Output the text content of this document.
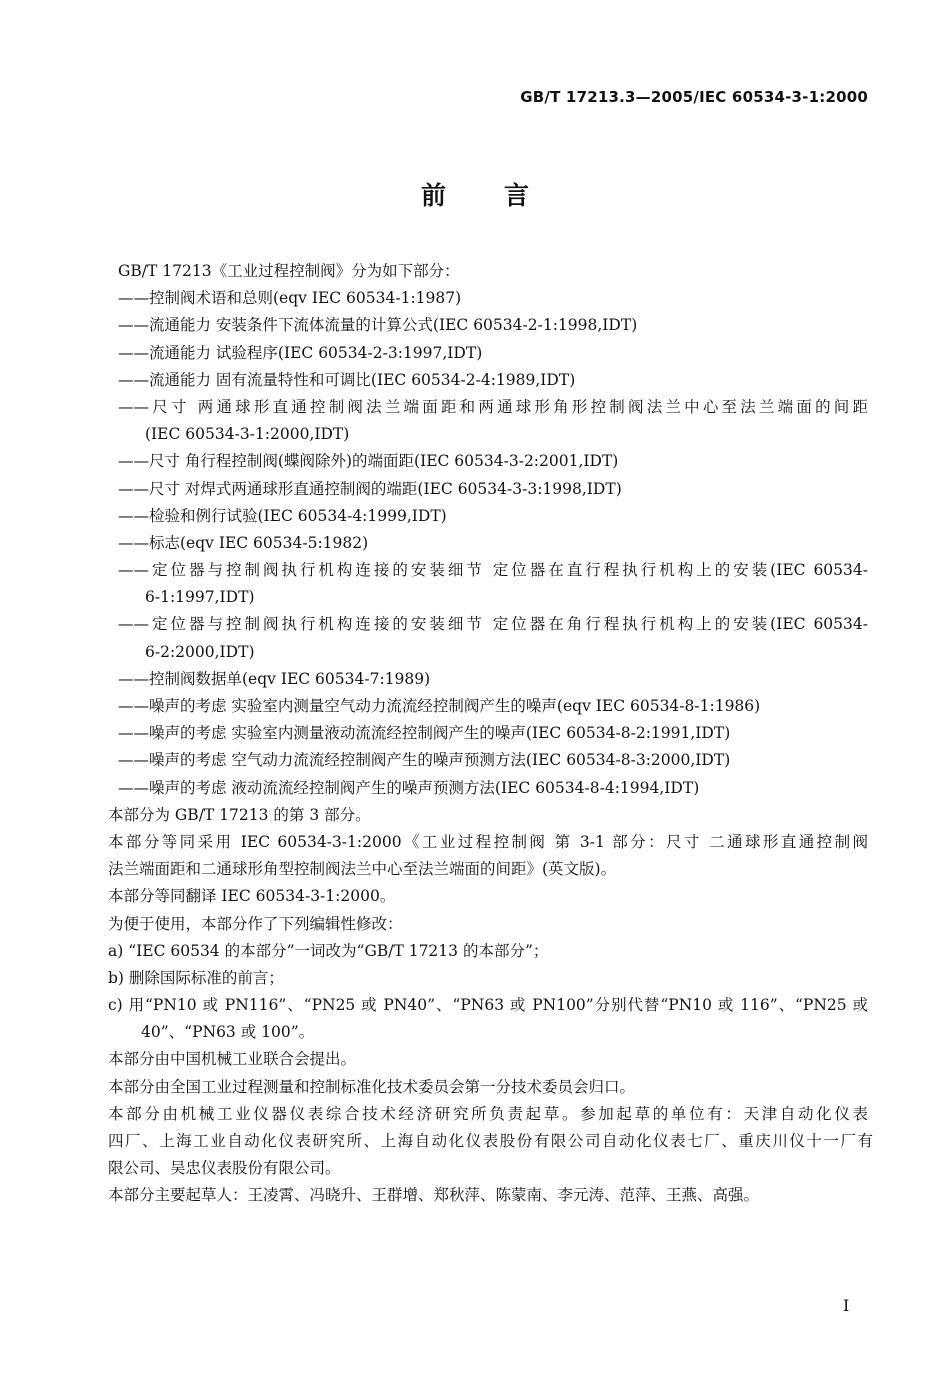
GB/T 17213.3—2005/IEC 60534-3-1:2000
前言
GB/T 17213《工业过程控制阀》分为如下部分：
——控制阀术语和总则(eqv IEC 60534-1:1987)
——流通能力 安装条件下流体流量的计算公式(IEC 60534-2-1:1998,IDT)
——流通能力 试验程序(IEC 60534-2-3:1997,IDT)
——流通能力 固有流量特性和可调比(IEC 60534-2-4:1989,IDT)
——尺寸 两通球形直通控制阀法兰端面距和两通球形角形控制阀法兰中心至法兰端面的间距
(IEC 60534-3-1:2000,IDT)
——尺寸 角行程控制阀(蝶阀除外)的端面距(IEC 60534-3-2:2001,IDT)
——尺寸 对焊式两通球形直通控制阀的端距(IEC 60534-3-3:1998,IDT)
——检验和例行试验(IEC 60534-4:1999,IDT)
——标志(eqv IEC 60534-5:1982)
——定位器与控制阀执行机构连接的安装细节 定位器在直行程执行机构上的安装(IEC 60534-
6-1:1997,IDT)
——定位器与控制阀执行机构连接的安装细节 定位器在角行程执行机构上的安装(IEC 60534-
6-2:2000,IDT)
——控制阀数据单(eqv IEC 60534-7:1989)
——噪声的考虑 实验室内测量空气动力流流经控制阀产生的噪声(eqv IEC 60534-8-1:1986)
——噪声的考虑 实验室内测量液动流流经控制阀产生的噪声(IEC 60534-8-2:1991,IDT)
——噪声的考虑 空气动力流流经控制阀产生的噪声预测方法(IEC 60534-8-3:2000,IDT)
——噪声的考虑 液动流流经控制阀产生的噪声预测方法(IEC 60534-8-4:1994,IDT)
本部分为 GB/T 17213 的第 3 部分。
本部分等同采用 IEC 60534-3-1:2000《工业过程控制阀 第 3-1 部分：尺寸 二通球形直通控制阀
法兰端面距和二通球形角型控制阀法兰中心至法兰端面的间距》(英文版)。
本部分等同翻译 IEC 60534-3-1:2000。
为便于使用，本部分作了下列编辑性修改：
a) “IEC 60534 的本部分”一词改为“GB/T 17213 的本部分”；
b) 删除国际标准的前言；
c) 用“PN10 或 PN116”、“PN25 或 PN40”、“PN63 或 PN100”分别代替“PN10 或 116”、“PN25 或
40”、“PN63 或 100”。
本部分由中国机械工业联合会提出。
本部分由全国工业过程测量和控制标准化技术委员会第一分技术委员会归口。
本部分由机械工业仪器仪表综合技术经济研究所负责起草。参加起草的单位有：天津自动化仪表
四厂、上海工业自动化仪表研究所、上海自动化仪表股份有限公司自动化仪表七厂、重庆川仪十一厂有
限公司、吴忠仪表股份有限公司。
本部分主要起草人：王凌霄、冯晓升、王群增、郑秋萍、陈蒙南、李元涛、范萍、王燕、高强。
I
